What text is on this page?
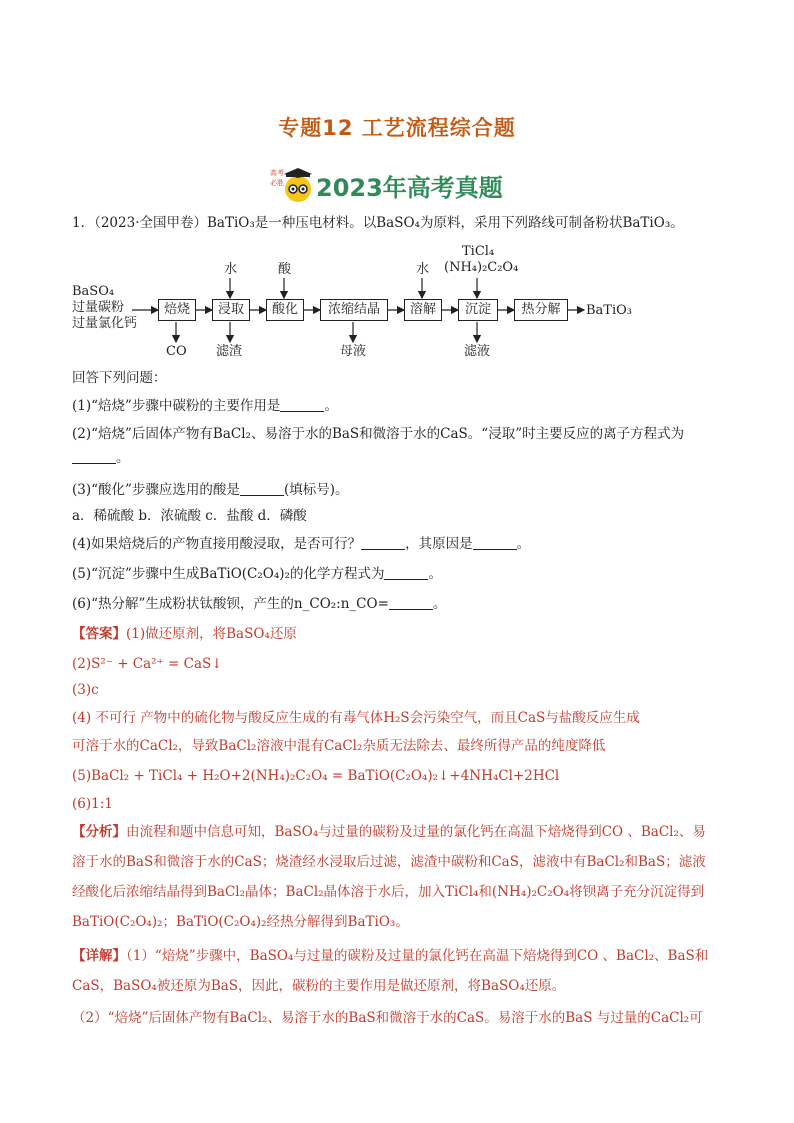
专题12 工艺流程综合题
高考
必胜 2023年高考真题
1．（2023·全国甲卷）BaTiO₃是一种压电材料。以BaSO₄为原料，采用下列路线可制备粉状BaTiO₃。
BaSO₄
过量碳粉
过量氯化钙
焙烧	浸取	酸化	浓缩结晶	溶解	沉淀	热分解	BaTiO₃
水	酸	水
TiCl₄
(NH₄)₂C₂O₄
CO 滤渣	母液	滤液
回答下列问题：
(1)“焙烧”步骤中碳粉的主要作用是	。
(2)“焙烧”后固体产物有BaCl₂、易溶于水的BaS和微溶于水的CaS。“浸取”时主要反应的离子方程式为
。
(3)“酸化”步骤应选用的酸是	(填标号)。
a．稀硫酸 b．浓硫酸 c．盐酸 d．磷酸
(4)如果焙烧后的产物直接用酸浸取，是否可行？	，其原因是	。
(5)“沉淀”步骤中生成BaTiO(C₂O₄)₂的化学方程式为	。
(6)“热分解”生成粉状钛酸钡，产生的n_CO₂:n_CO=	。
【答案】(1)做还原剂，将BaSO₄还原
(2)S²⁻ + Ca²⁺ = CaS↓
(3)c
(4) 不可行 产物中的硫化物与酸反应生成的有毒气体H₂S会污染空气，而且CaS与盐酸反应生成
可溶于水的CaCl₂，导致BaCl₂溶液中混有CaCl₂杂质无法除去、最终所得产品的纯度降低
(5)BaCl₂ + TiCl₄ + H₂O+2(NH₄)₂C₂O₄ = BaTiO(C₂O₄)₂↓+4NH₄Cl+2HCl
(6)1:1
【分析】由流程和题中信息可知，BaSO₄与过量的碳粉及过量的氯化钙在高温下焙烧得到CO 、BaCl₂、易
溶于水的BaS和微溶于水的CaS；烧渣经水浸取后过滤，滤渣中碳粉和CaS，滤液中有BaCl₂和BaS；滤液
经酸化后浓缩结晶得到BaCl₂晶体；BaCl₂晶体溶于水后，加入TiCl₄和(NH₄)₂C₂O₄将钡离子充分沉淀得到
BaTiO(C₂O₄)₂；BaTiO(C₂O₄)₂经热分解得到BaTiO₃。
【详解】（1）“焙烧”步骤中，BaSO₄与过量的碳粉及过量的氯化钙在高温下焙烧得到CO 、BaCl₂、BaS和
CaS，BaSO₄被还原为BaS，因此，碳粉的主要作用是做还原剂，将BaSO₄还原。
（2）“焙烧”后固体产物有BaCl₂、易溶于水的BaS和微溶于水的CaS。易溶于水的BaS 与过量的CaCl₂可
